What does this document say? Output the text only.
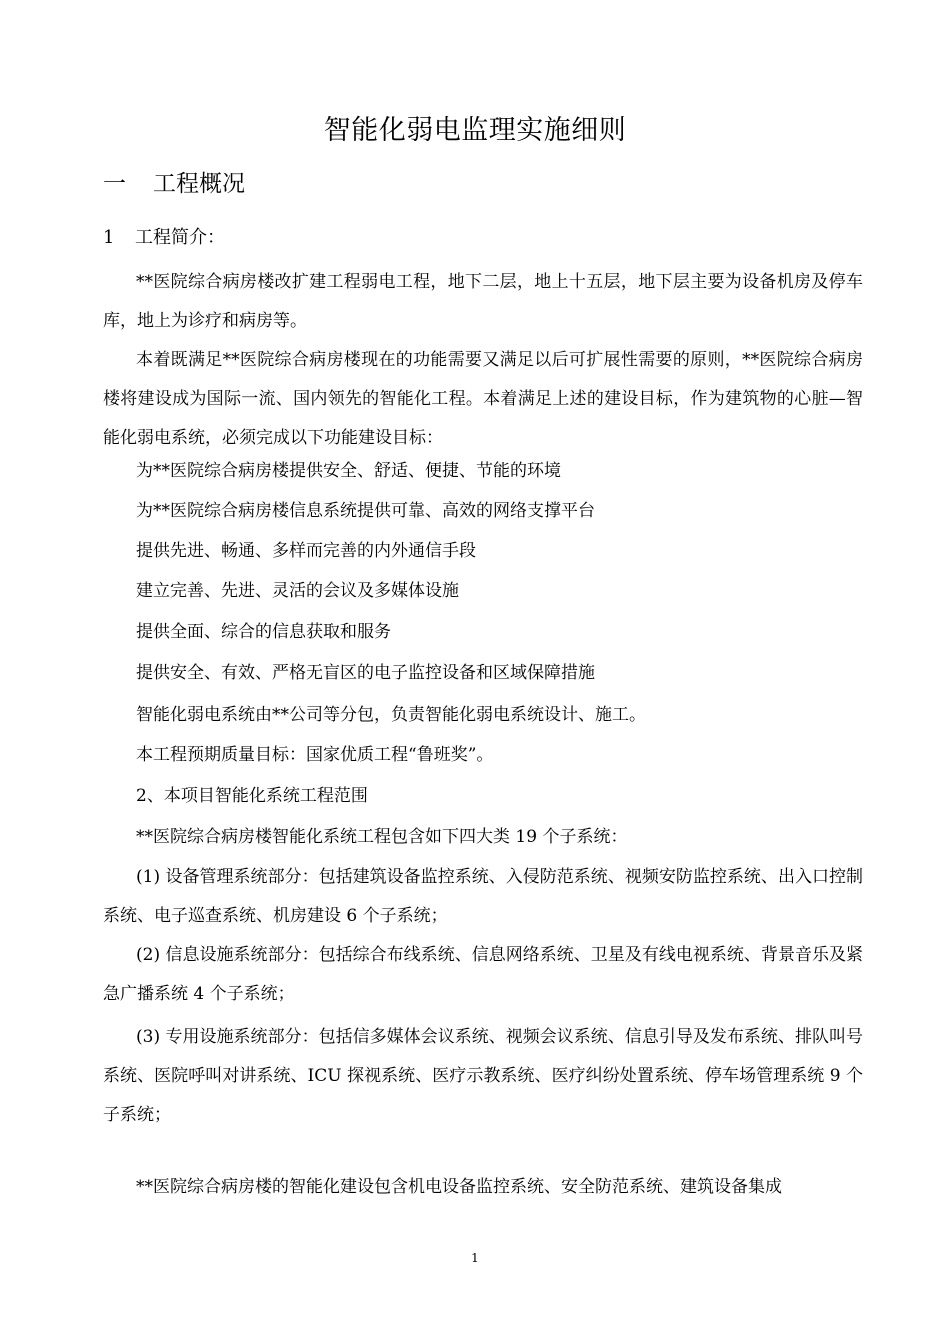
智能化弱电监理实施细则
一 工程概况
1 工程简介：
**医院综合病房楼改扩建工程弱电工程，地下二层，地上十五层，地下层主要为设备机房及停车库，地上为诊疗和病房等。
本着既满足**医院综合病房楼现在的功能需要又满足以后可扩展性需要的原则，**医院综合病房楼将建设成为国际一流、国内领先的智能化工程。本着满足上述的建设目标，作为建筑物的心脏—智能化弱电系统，必须完成以下功能建设目标：
为**医院综合病房楼提供安全、舒适、便捷、节能的环境
为**医院综合病房楼信息系统提供可靠、高效的网络支撑平台
提供先进、畅通、多样而完善的内外通信手段
建立完善、先进、灵活的会议及多媒体设施
提供全面、综合的信息获取和服务
提供安全、有效、严格无盲区的电子监控设备和区域保障措施
智能化弱电系统由**公司等分包，负责智能化弱电系统设计、施工。
本工程预期质量目标：国家优质工程“鲁班奖”。
2、本项目智能化系统工程范围
**医院综合病房楼智能化系统工程包含如下四大类 19 个子系统：
(1) 设备管理系统部分：包括建筑设备监控系统、入侵防范系统、视频安防监控系统、出入口控制系统、电子巡查系统、机房建设 6 个子系统；
(2) 信息设施系统部分：包括综合布线系统、信息网络系统、卫星及有线电视系统、背景音乐及紧急广播系统 4 个子系统；
(3) 专用设施系统部分：包括信多媒体会议系统、视频会议系统、信息引导及发布系统、排队叫号系统、医院呼叫对讲系统、ICU 探视系统、医疗示教系统、医疗纠纷处置系统、停车场管理系统 9 个子系统；
**医院综合病房楼的智能化建设包含机电设备监控系统、安全防范系统、建筑设备集成
1
